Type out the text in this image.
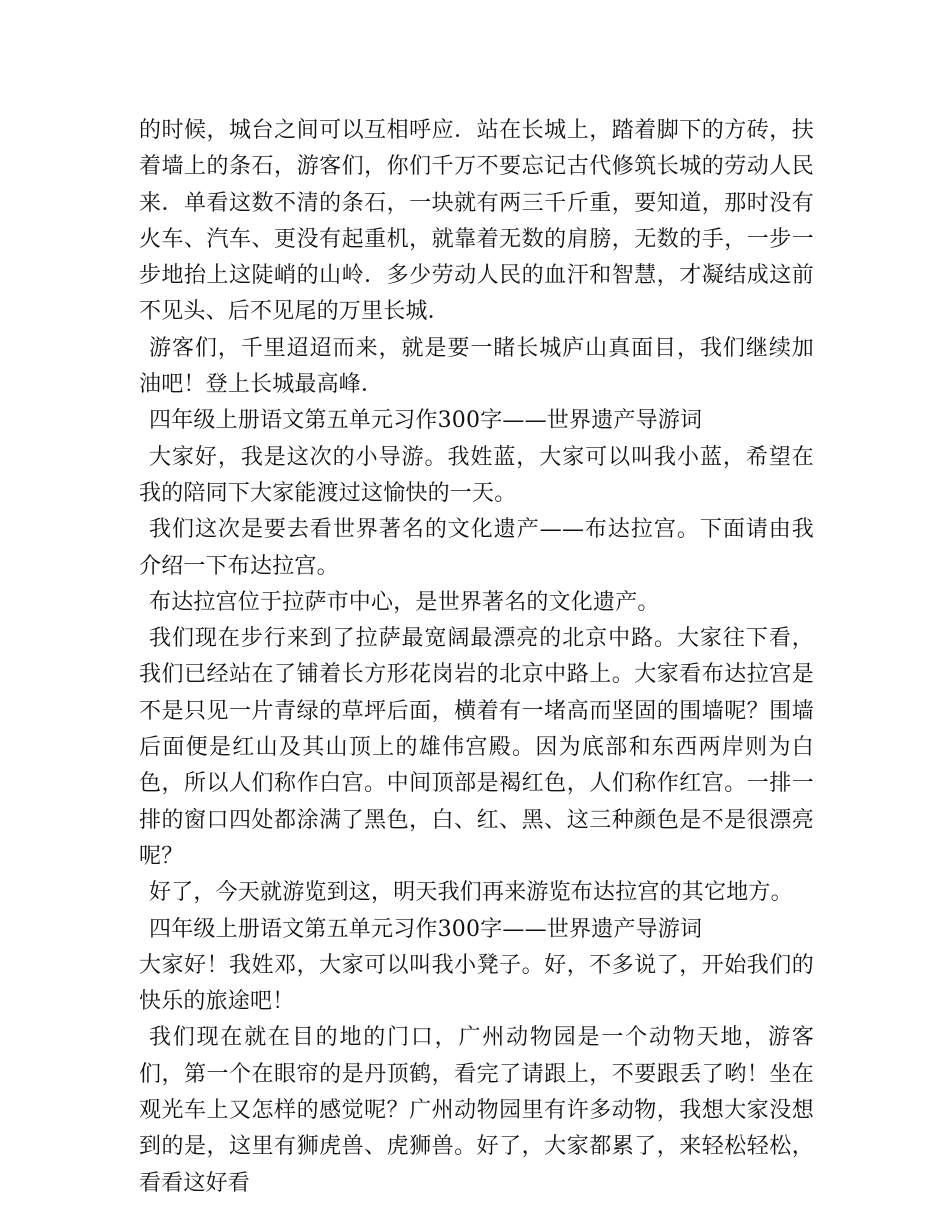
的时候，城台之间可以互相呼应．站在长城上，踏着脚下的方砖，扶着墙上的条石，游客们，你们千万不要忘记古代修筑长城的劳动人民来．单看这数不清的条石，一块就有两三千斤重，要知道，那时没有火车、汽车、更没有起重机，就靠着无数的肩膀，无数的手，一步一步地抬上这陡峭的山岭．多少劳动人民的血汗和智慧，才凝结成这前不见头、后不见尾的万里长城．

游客们，千里迢迢而来，就是要一睹长城庐山真面目，我们继续加油吧！登上长城最高峰．

四年级上册语文第五单元习作300字——世界遗产导游词

大家好，我是这次的小导游。我姓蓝，大家可以叫我小蓝，希望在我的陪同下大家能渡过这愉快的一天。

我们这次是要去看世界著名的文化遗产——布达拉宫。下面请由我介绍一下布达拉宫。

布达拉宫位于拉萨市中心，是世界著名的文化遗产。

我们现在步行来到了拉萨最宽阔最漂亮的北京中路。大家往下看，我们已经站在了铺着长方形花岗岩的北京中路上。大家看布达拉宫是不是只见一片青绿的草坪后面，横着有一堵高而坚固的围墙呢？围墙后面便是红山及其山顶上的雄伟宫殿。因为底部和东西两岸则为白色，所以人们称作白宫。中间顶部是褐红色，人们称作红宫。一排一排的窗口四处都涂满了黑色，白、红、黑、这三种颜色是不是很漂亮呢？

好了，今天就游览到这，明天我们再来游览布达拉宫的其它地方。

四年级上册语文第五单元习作300字——世界遗产导游词

大家好！我姓邓，大家可以叫我小凳子。好，不多说了，开始我们的快乐的旅途吧！

我们现在就在目的地的门口，广州动物园是一个动物天地，游客们，第一个在眼帘的是丹顶鹤，看完了请跟上，不要跟丢了哟！坐在观光车上又怎样的感觉呢？广州动物园里有许多动物，我想大家没想到的是，这里有狮虎兽、虎狮兽。好了，大家都累了，来轻松轻松，看看这好看
